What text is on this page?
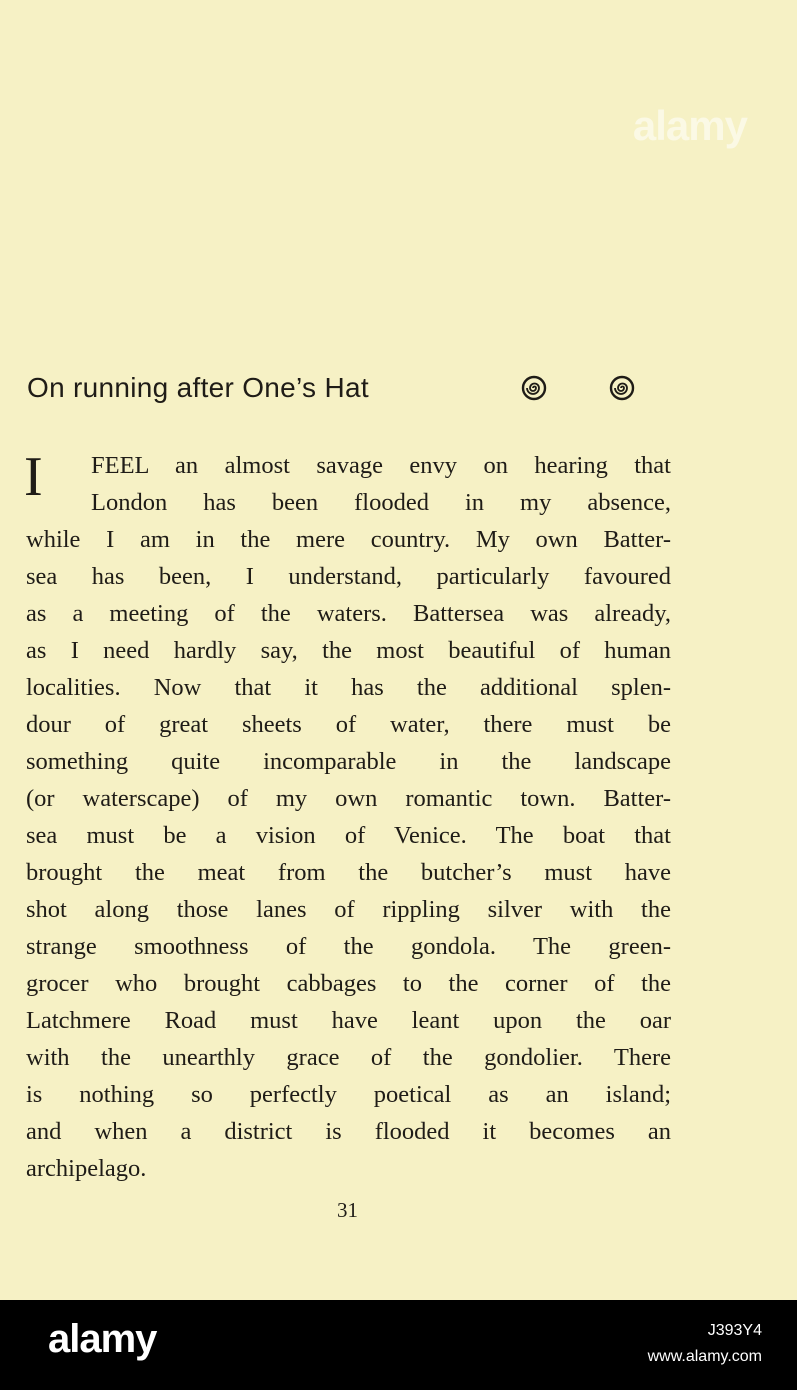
alamy
On running after One’s Hat
I	FEEL an almost savage envy on hearing that
London has been flooded in my absence,
while I am in the mere country. My own Batter-
sea has been, I understand, particularly favoured
as a meeting of the waters. Battersea was already,
as I need hardly say, the most beautiful of human
localities. Now that it has the additional splen-
dour of great sheets of water, there must be
something quite incomparable in the landscape
(or waterscape) of my own romantic town. Batter-
sea must be a vision of Venice. The boat that
brought the meat from the butcher’s must have
shot along those lanes of rippling silver with the
strange smoothness of the gondola. The green-
grocer who brought cabbages to the corner of the
Latchmere Road must have leant upon the oar
with the unearthly grace of the gondolier. There
is nothing so perfectly poetical as an island;
and when a district is flooded it becomes an
archipelago.
31
alamy	J393Y4
www.alamy.com
